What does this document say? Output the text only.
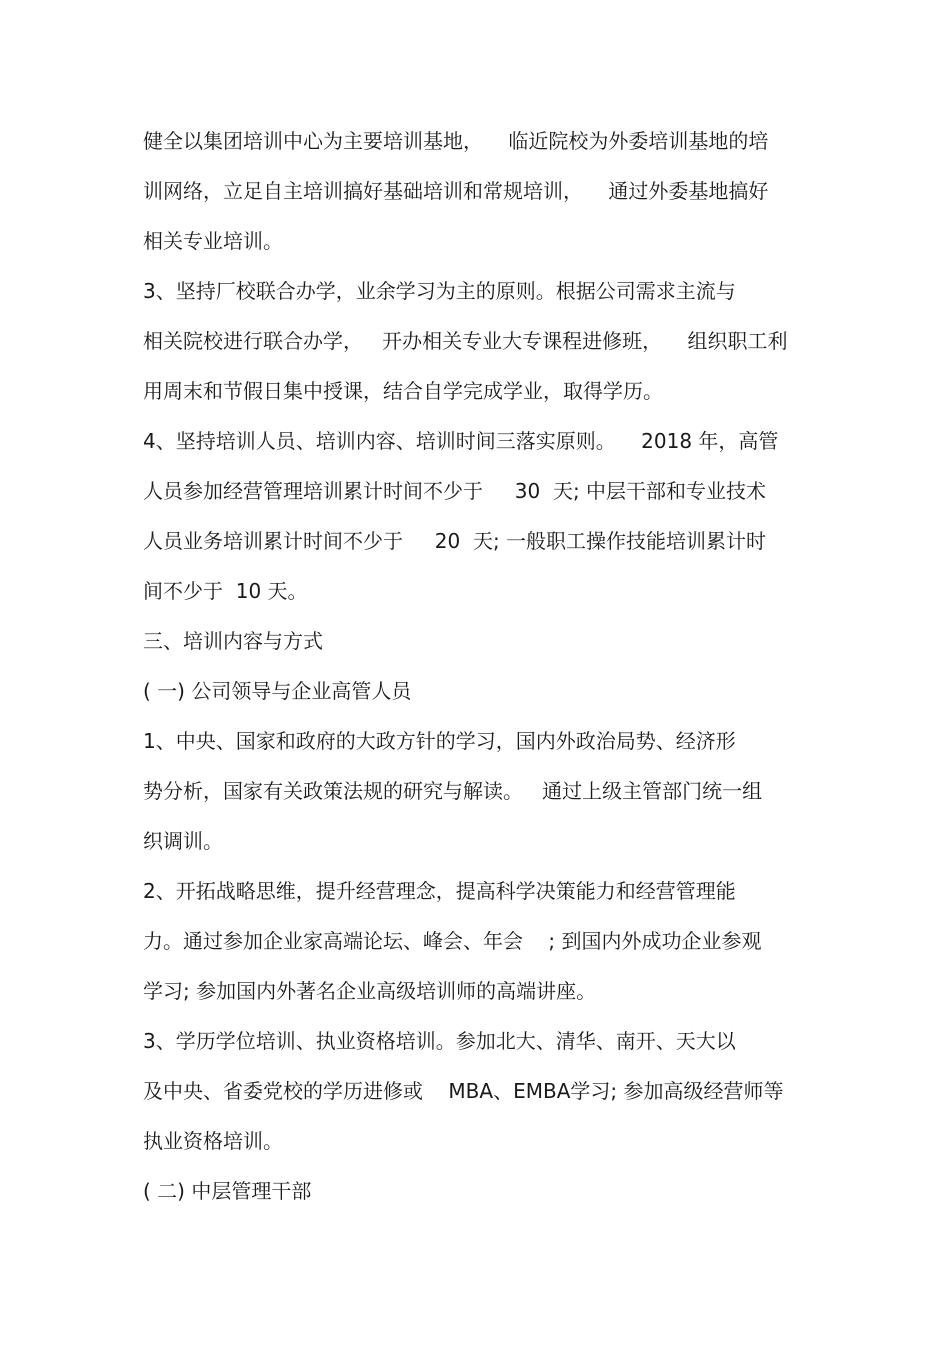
健全以集团培训中心为主要培训基地，    临近院校为外委培训基地的培
训网络，立足自主培训搞好基础培训和常规培训，    通过外委基地搞好
相关专业培训。
3、坚持厂校联合办学，业余学习为主的原则。根据公司需求主流与
相关院校进行联合办学，   开办相关专业大专课程进修班，    组织职工利
用周末和节假日集中授课，结合自学完成学业，取得学历。
4、坚持培训人员、培训内容、培训时间三落实原则。    2018 年，高管
人员参加经营管理培训累计时间不少于     30  天; 中层干部和专业技术
人员业务培训累计时间不少于     20  天; 一般职工操作技能培训累计时
间不少于  10 天。
三、培训内容与方式
( 一) 公司领导与企业高管人员
1、中央、国家和政府的大政方针的学习，国内外政治局势、经济形
势分析，国家有关政策法规的研究与解读。   通过上级主管部门统一组
织调训。
2、开拓战略思维，提升经营理念，提高科学决策能力和经营管理能
力。通过参加企业家高端论坛、峰会、年会    ; 到国内外成功企业参观
学习; 参加国内外著名企业高级培训师的高端讲座。
3、学历学位培训、执业资格培训。参加北大、清华、南开、天大以
及中央、省委党校的学历进修或    MBA、EMBA学习; 参加高级经营师等
执业资格培训。
( 二) 中层管理干部
